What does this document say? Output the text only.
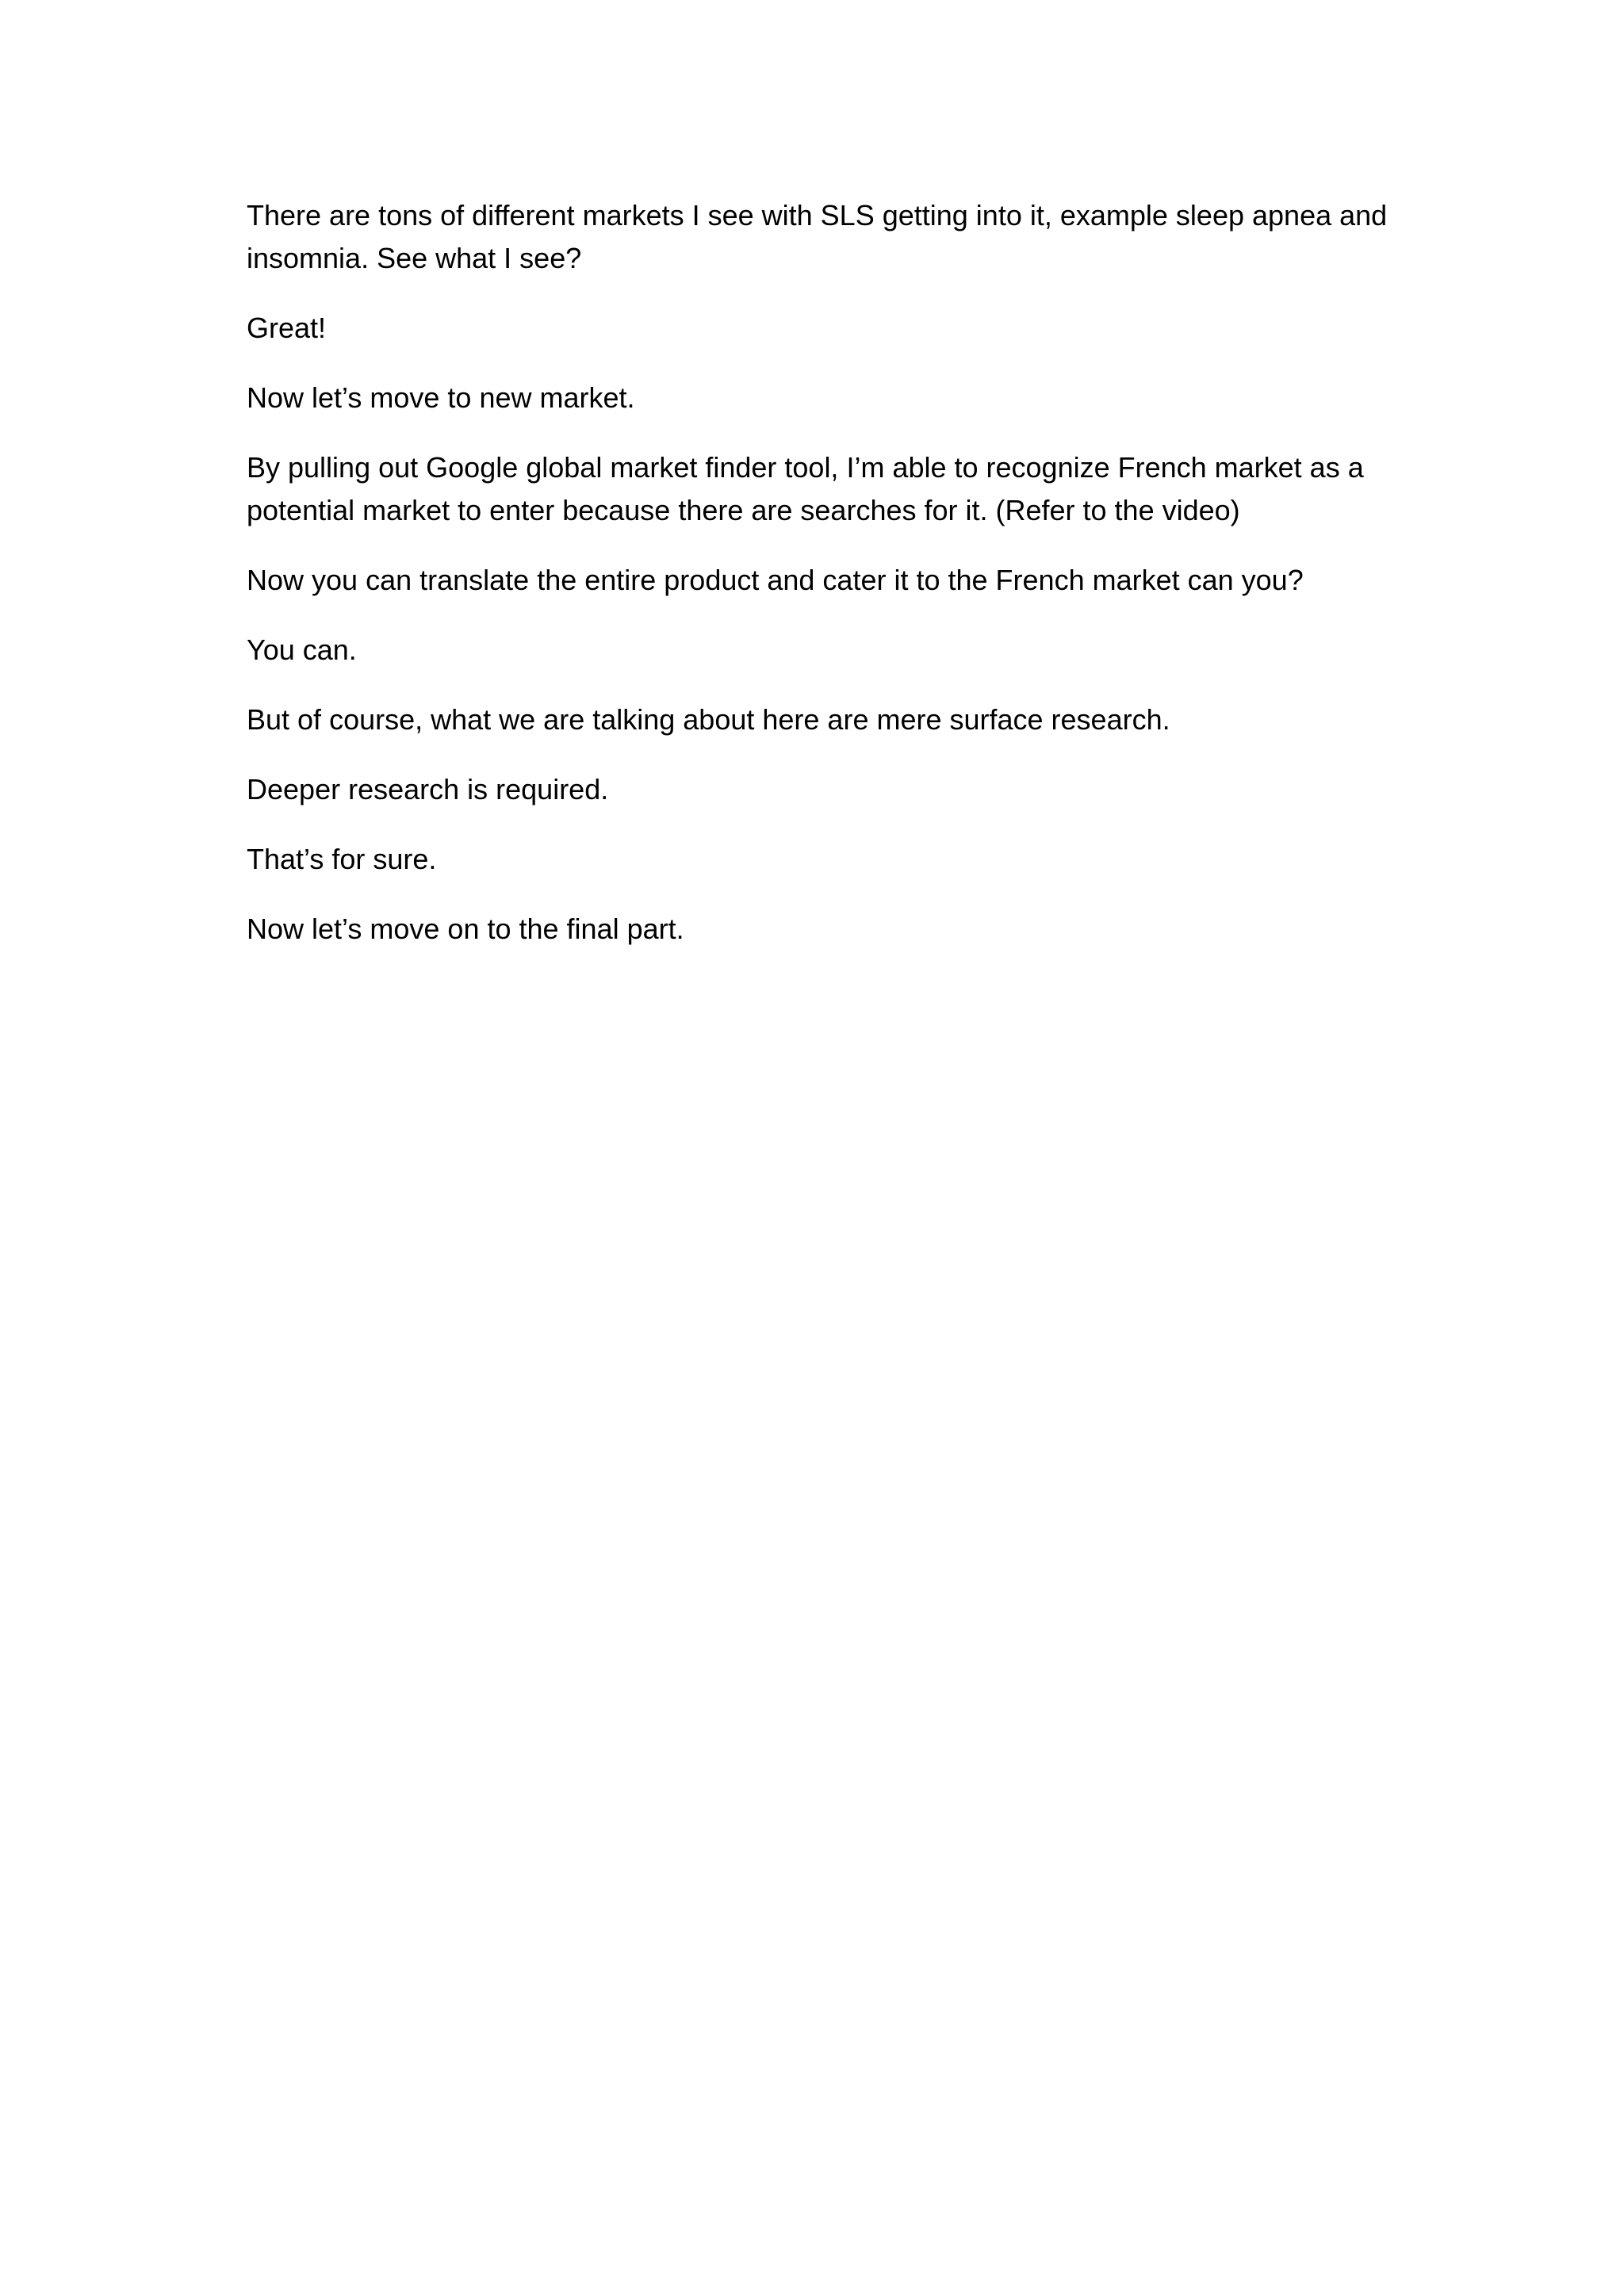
There are tons of different markets I see with SLS getting into it, example sleep apnea and insomnia. See what I see?

Great!

Now let’s move to new market.

By pulling out Google global market finder tool, I’m able to recognize French market as a potential market to enter because there are searches for it. (Refer to the video)

Now you can translate the entire product and cater it to the French market can you?

You can.

But of course, what we are talking about here are mere surface research.

Deeper research is required.

That’s for sure.

Now let’s move on to the final part.
